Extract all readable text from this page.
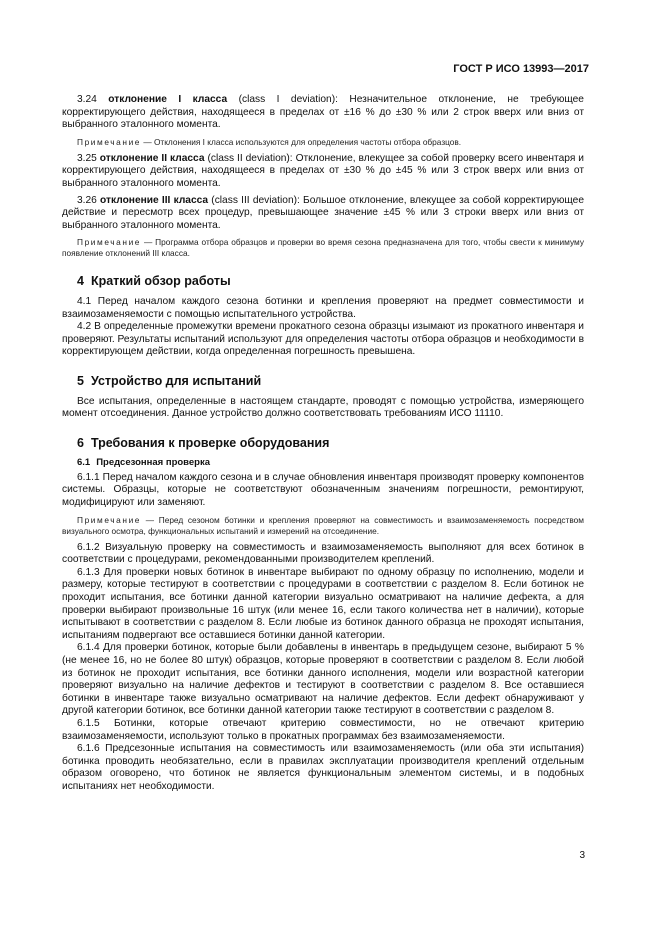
ГОСТ Р ИСО 13993—2017

3.24 отклонение I класса (class I deviation): Незначительное отклонение, не требующее корректирующего действия, находящееся в пределах от ±16 % до ±30 % или 2 строк вверх или вниз от выбранного эталонного момента.

Примечание — Отклонения I класса используются для определения частоты отбора образцов.

3.25 отклонение II класса (class II deviation): Отклонение, влекущее за собой проверку всего инвентаря и корректирующего действия, находящееся в пределах от ±30 % до ±45 % или 3 строк вверх или вниз от выбранного эталонного момента.

3.26 отклонение III класса (class III deviation): Большое отклонение, влекущее за собой корректирующее действие и пересмотр всех процедур, превышающее значение ±45 % или 3 строки вверх или вниз от выбранного эталонного момента.

Примечание — Программа отбора образцов и проверки во время сезона предназначена для того, чтобы свести к минимуму появление отклонений III класса.
4 Краткий обзор работы

4.1 Перед началом каждого сезона ботинки и крепления проверяют на предмет совместимости и взаимозаменяемости с помощью испытательного устройства.

4.2 В определенные промежутки времени прокатного сезона образцы изымают из прокатного инвентаря и проверяют. Результаты испытаний используют для определения частоты отбора образцов и необходимости в корректирующем действии, когда определенная погрешность превышена.

5 Устройство для испытаний

Все испытания, определенные в настоящем стандарте, проводят с помощью устройства, измеряющего момент отсоединения. Данное устройство должно соответствовать требованиям ИСО 11110.

6 Требования к проверке оборудования
6.1 Предсезонная проверка

6.1.1 Перед началом каждого сезона и в случае обновления инвентаря производят проверку компонентов системы. Образцы, которые не соответствуют обозначенным значениям погрешности, ремонтируют, модифицируют или заменяют.

Примечание — Перед сезоном ботинки и крепления проверяют на совместимость и взаимозаменяемость посредством визуального осмотра, функциональных испытаний и измерений на отсоединение.

6.1.2 Визуальную проверку на совместимость и взаимозаменяемость выполняют для всех ботинок в соответствии с процедурами, рекомендованными производителем креплений.

6.1.3 Для проверки новых ботинок в инвентаре выбирают по одному образцу по исполнению, модели и размеру, которые тестируют в соответствии с процедурами в соответствии с разделом 8. Если ботинок не проходит испытания, все ботинки данной категории визуально осматривают на наличие дефекта, а для проверки выбирают произвольные 16 штук (или менее 16, если такого количества нет в наличии), которые испытывают в соответствии с разделом 8. Если любые из ботинок данного образца не проходят испытания, испытаниям подвергают все оставшиеся ботинки данной категории.

6.1.4 Для проверки ботинок, которые были добавлены в инвентарь в предыдущем сезоне, выбирают 5 % (не менее 16, но не более 80 штук) образцов, которые проверяют в соответствии с разделом 8. Если любой из ботинок не проходит испытания, все ботинки данного исполнения, модели или возрастной категории проверяют визуально на наличие дефектов и тестируют в соответствии с разделом 8. Все оставшиеся ботинки в инвентаре также визуально осматривают на наличие дефектов. Если дефект обнаруживают у другой категории ботинок, все ботинки данной категории также тестируют в соответствии с разделом 8.

6.1.5 Ботинки, которые отвечают критерию совместимости, но не отвечают критерию взаимозаменяемости, используют только в прокатных программах без взаимозаменяемости.

6.1.6 Предсезонные испытания на совместимость или взаимозаменяемость (или оба эти испытания) ботинка проводить необязательно, если в правилах эксплуатации производителя креплений отдельным образом оговорено, что ботинок не является функциональным элементом системы, и в подобных испытаниях нет необходимости.

3
